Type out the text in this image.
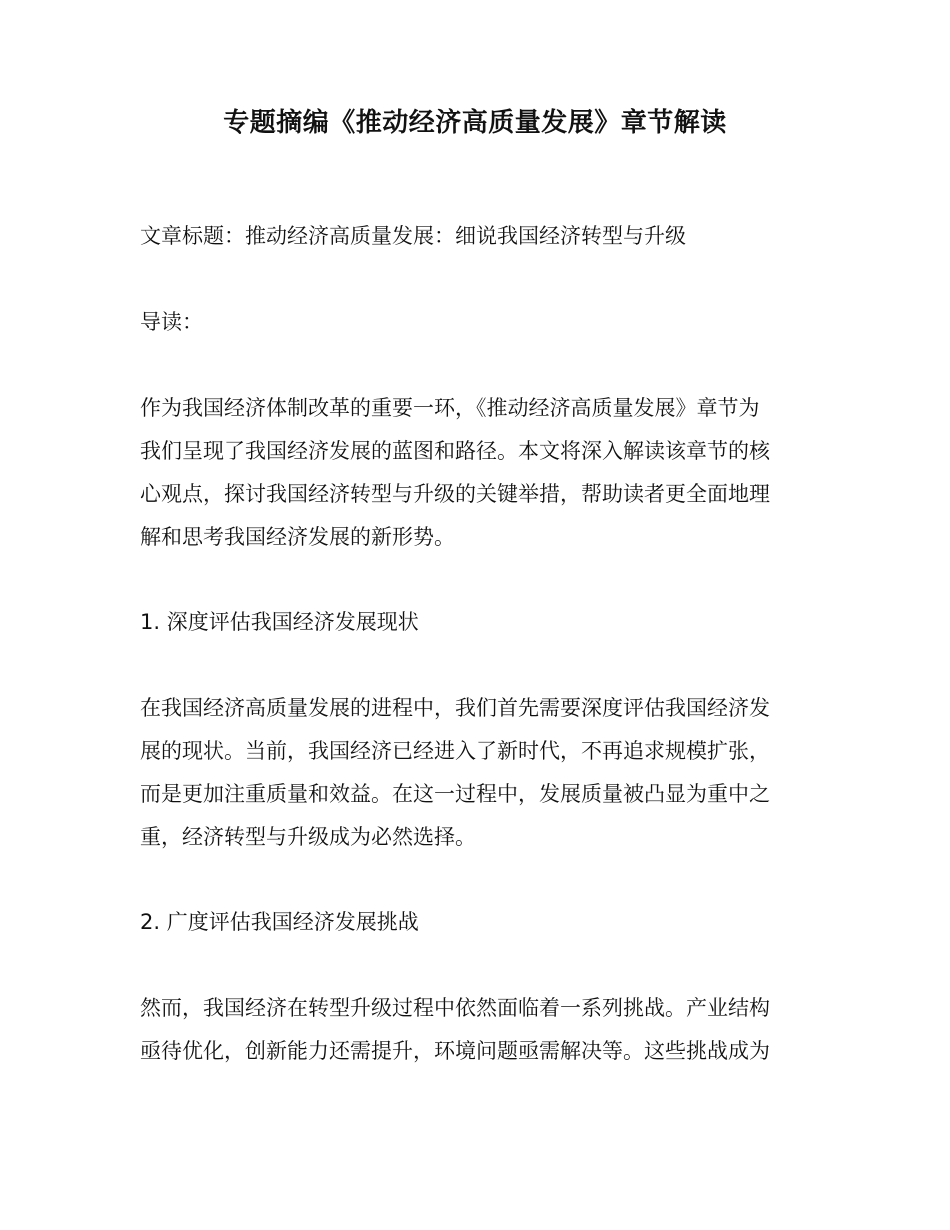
专题摘编《推动经济高质量发展》章节解读

文章标题：推动经济高质量发展：细说我国经济转型与升级

导读：

作为我国经济体制改革的重要一环，《推动经济高质量发展》章节为
我们呈现了我国经济发展的蓝图和路径。本文将深入解读该章节的核
心观点，探讨我国经济转型与升级的关键举措，帮助读者更全面地理
解和思考我国经济发展的新形势。

1. 深度评估我国经济发展现状

在我国经济高质量发展的进程中，我们首先需要深度评估我国经济发
展的现状。当前，我国经济已经进入了新时代，不再追求规模扩张，
而是更加注重质量和效益。在这一过程中，发展质量被凸显为重中之
重，经济转型与升级成为必然选择。

2. 广度评估我国经济发展挑战

然而，我国经济在转型升级过程中依然面临着一系列挑战。产业结构
亟待优化，创新能力还需提升，环境问题亟需解决等。这些挑战成为
